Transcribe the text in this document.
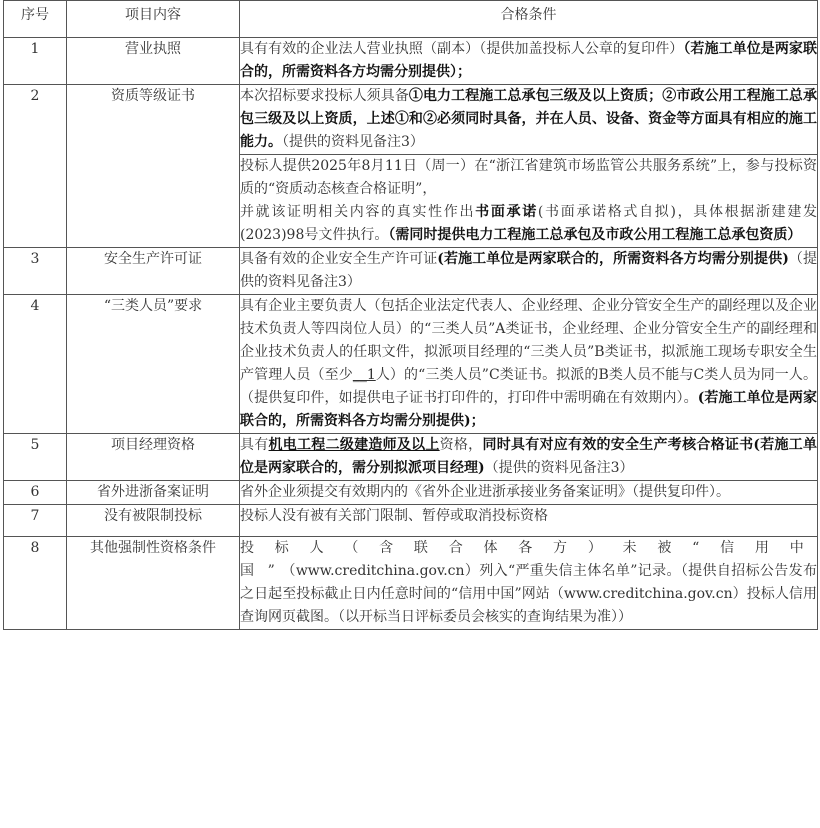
序号	项目内容	合格条件
1	营业执照	具有有效的企业法人营业执照（副本）（提供加盖投标人公章的复印件）（若施工单位是两家联合的，所需资料各方均需分别提供）；
2	资质等级证书	本次招标要求投标人须具备①电力工程施工总承包三级及以上资质；②市政公用工程施工总承包三级及以上资质，上述①和②必须同时具备，并在人员、设备、资金等方面具有相应的施工能力。（提供的资料见备注3）
		投标人提供2025年8月11日（周一）在“浙江省建筑市场监管公共服务系统”上，参与投标资质的“资质动态核查合格证明”，
并就该证明相关内容的真实性作出书面承诺(书面承诺格式自拟)，具体根据浙建建发(2023)98号文件执行。（需同时提供电力工程施工总承包及市政公用工程施工总承包资质）
3	安全生产许可证	具备有效的企业安全生产许可证(若施工单位是两家联合的，所需资料各方均需分别提供)（提供的资料见备注3）
4	“三类人员”要求	具有企业主要负责人（包括企业法定代表人、企业经理、企业分管安全生产的副经理以及企业技术负责人等四岗位人员）的“三类人员”A类证书，企业经理、企业分管安全生产的副经理和企业技术负责人的任职文件，拟派项目经理的“三类人员”B类证书，拟派施工现场专职安全生产管理人员（至少__1人）的“三类人员”C类证书。拟派的B类人员不能与C类人员为同一人。（提供复印件，如提供电子证书打印件的，打印件中需明确在有效期内）。(若施工单位是两家联合的，所需资料各方均需分别提供)；
5	项目经理资格	具有机电工程二级建造师及以上资格，同时具有对应有效的安全生产考核合格证书(若施工单位是两家联合的，需分别拟派项目经理)（提供的资料见备注3）
6	省外进浙备案证明	省外企业须提交有效期内的《省外企业进浙承接业务备案证明》（提供复印件）。
7	没有被限制投标	投标人没有被有关部门限制、暂停或取消投标资格
8	其他强制性资格条件	投标人（含联合体各方）未被“信用中国”（www.creditchina.gov.cn）列入“严重失信主体名单”记录。（提供自招标公告发布之日起至投标截止日内任意时间的“信用中国”网站（www.creditchina.gov.cn）投标人信用查询网页截图。（以开标当日评标委员会核实的查询结果为准））
